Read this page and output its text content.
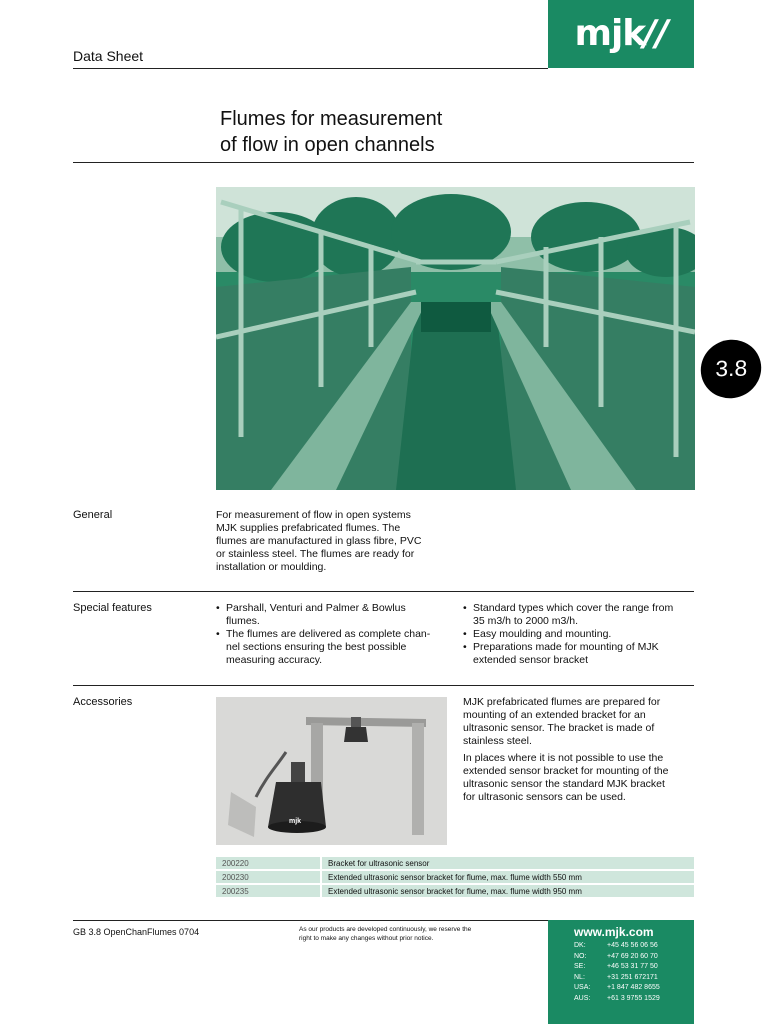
Data Sheet
mjk//
Flumes for measurement
of flow in open channels
3.8
General	For measurement of flow in open systems
MJK supplies prefabricated flumes. The
flumes are manufactured in glass fibre, PVC
or stainless steel. The flumes are ready for
installation or moulding.
Special features	• Parshall, Venturi and Palmer & Bowlus
flumes.
• The flumes are delivered as complete chan-
nel sections ensuring the best possible
measuring accuracy.
• Standard types which cover the range from
35 m3/h to 2000 m3/h.
• Easy moulding and mounting.
• Preparations made for mounting of MJK
extended sensor bracket
Accessories
mjk
MJK prefabricated flumes are prepared for
mounting of an extended bracket for an
ultrasonic sensor. The bracket is made of
stainless steel.
In places where it is not possible to use the
extended sensor bracket for mounting of the
ultrasonic sensor the standard MJK bracket
for ultrasonic sensors can be used.
200220	Bracket for ultrasonic sensor
200230	Extended ultrasonic sensor bracket for flume, max. flume width 550 mm
200235	Extended ultrasonic sensor bracket for flume, max. flume width 950 mm
GB 3.8 OpenChanFlumes 0704	As our products are developed continuously, we reserve the
right to make any changes without prior notice.	www.mjk.com
DK:	+45 45 56 06 56
NO:	+47 69 20 60 70
SE:	+46 53 31 77 50
NL:	+31 251 672171
USA:	+1 847 482 8655
AUS:	+61 3 9755 1529
